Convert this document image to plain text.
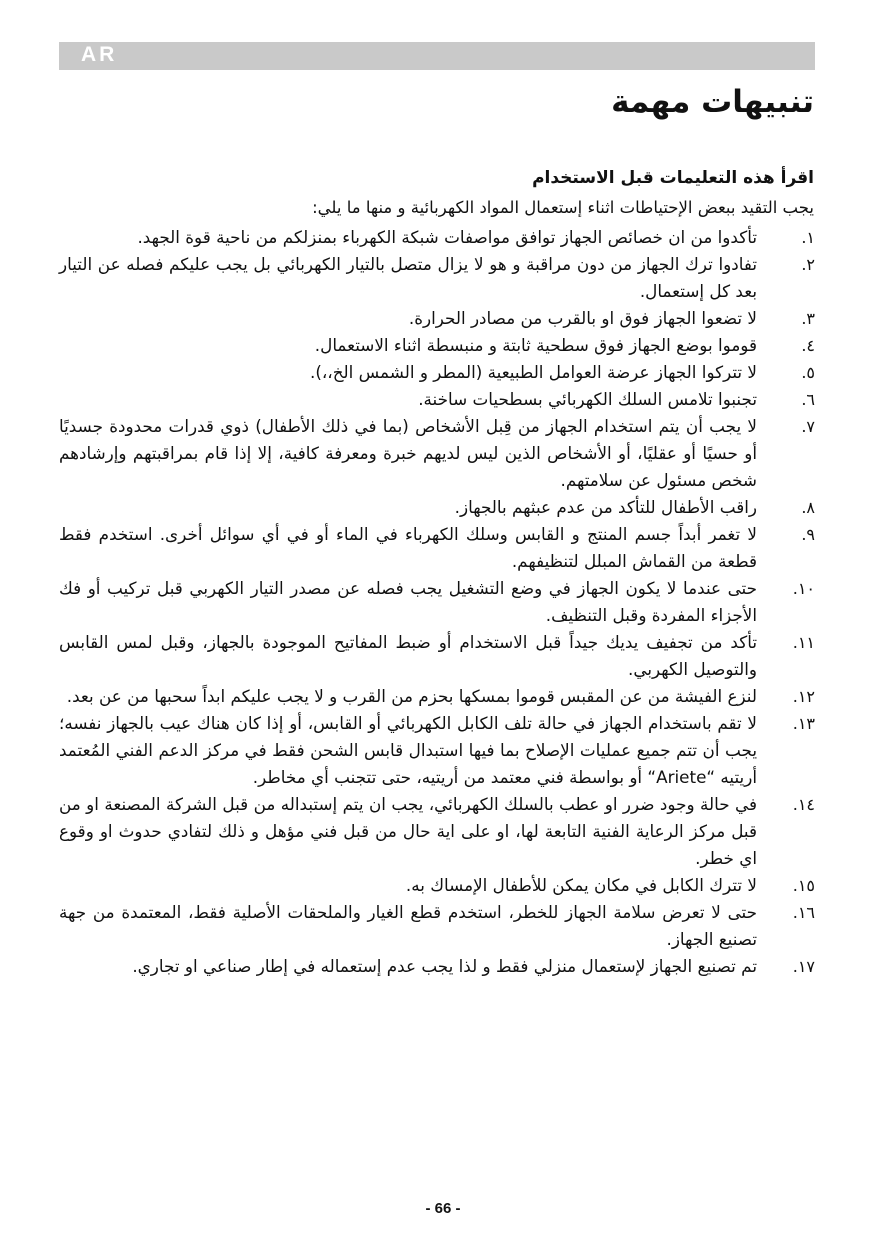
AR
تنبيهات مهمة
اقرأ هذه التعليمات قبل الاستخدام

يجب التقيد ببعض الإحتياطات اثناء إستعمال المواد الكهربائية و منها ما يلي:

١.
تأكدوا من ان خصائص الجهاز توافق مواصفات شبكة الكهرباء بمنزلكم من ناحية قوة الجهد.
٢.
تفادوا ترك الجهاز من دون مراقبة و هو لا يزال متصل بالتيار الكهربائي بل يجب عليكم فصله عن التيار بعد كل إستعمال.
٣.
لا تضعوا الجهاز فوق او بالقرب من مصادر الحرارة.
٤.
قوموا بوضع الجهاز فوق سطحية ثابتة و منبسطة اثناء الاستعمال.
٥.
لا تتركوا الجهاز عرضة العوامل الطبيعية (المطر و الشمس الخ،،).
٦.
تجنبوا تلامس السلك الكهربائي بسطحيات ساخنة.
٧.
لا يجب أن يتم استخدام الجهاز من قِبل الأشخاص (بما في ذلك الأطفال) ذوي قدرات محدودة جسديًا أو حسيًا أو عقليًا، أو الأشخاص الذين ليس لديهم خبرة ومعرفة كافية، إلا إذا قام بمراقبتهم وإرشادهم شخص مسئول عن سلامتهم.
٨.
راقب الأطفال للتأكد من عدم عبثهم بالجهاز.
٩.
لا تغمر أبداً جسم المنتج و القابس وسلك الكهرباء في الماء أو في أي سوائل أخرى. استخدم فقط قطعة من القماش المبلل لتنظيفهم.
١٠.
حتى عندما لا يكون الجهاز في وضع التشغيل يجب فصله عن مصدر التيار الكهربي قبل تركيب أو فك الأجزاء المفردة وقبل التنظيف.
١١.
تأكد من تجفيف يديك جيداً قبل الاستخدام أو ضبط المفاتيح الموجودة بالجهاز، وقبل لمس القابس والتوصيل الكهربي.
١٢.
لنزع الفيشة من عن المقبس قوموا بمسكها بحزم من القرب و لا يجب عليكم ابداً سحبها من عن بعد.
١٣.
لا تقم باستخدام الجهاز في حالة تلف الكابل الكهربائي أو القابس، أو إذا كان هناك عيب بالجهاز نفسه؛ يجب أن تتم جميع عمليات الإصلاح بما فيها استبدال قابس الشحن فقط في مركز الدعم الفني المُعتمد أريتيه “Ariete“ أو بواسطة فني معتمد من أريتيه، حتى تتجنب أي مخاطر.
١٤.
في حالة وجود ضرر او عطب بالسلك الكهربائي، يجب ان يتم إستبداله من قبل الشركة المصنعة او من قبل مركز الرعاية الفنية التابعة لها، او على اية حال من قبل فني مؤهل و ذلك لتفادي حدوث او وقوع اي خطر.
١٥.
لا تترك الكابل في مكان يمكن للأطفال الإمساك به.
١٦.
حتى لا تعرض سلامة الجهاز للخطر، استخدم قطع الغيار والملحقات الأصلية فقط، المعتمدة من جهة تصنيع الجهاز.
١٧.
تم تصنيع الجهاز لإستعمال منزلي فقط و لذا يجب عدم إستعماله في إطار صناعي او تجاري.

- 66 -
